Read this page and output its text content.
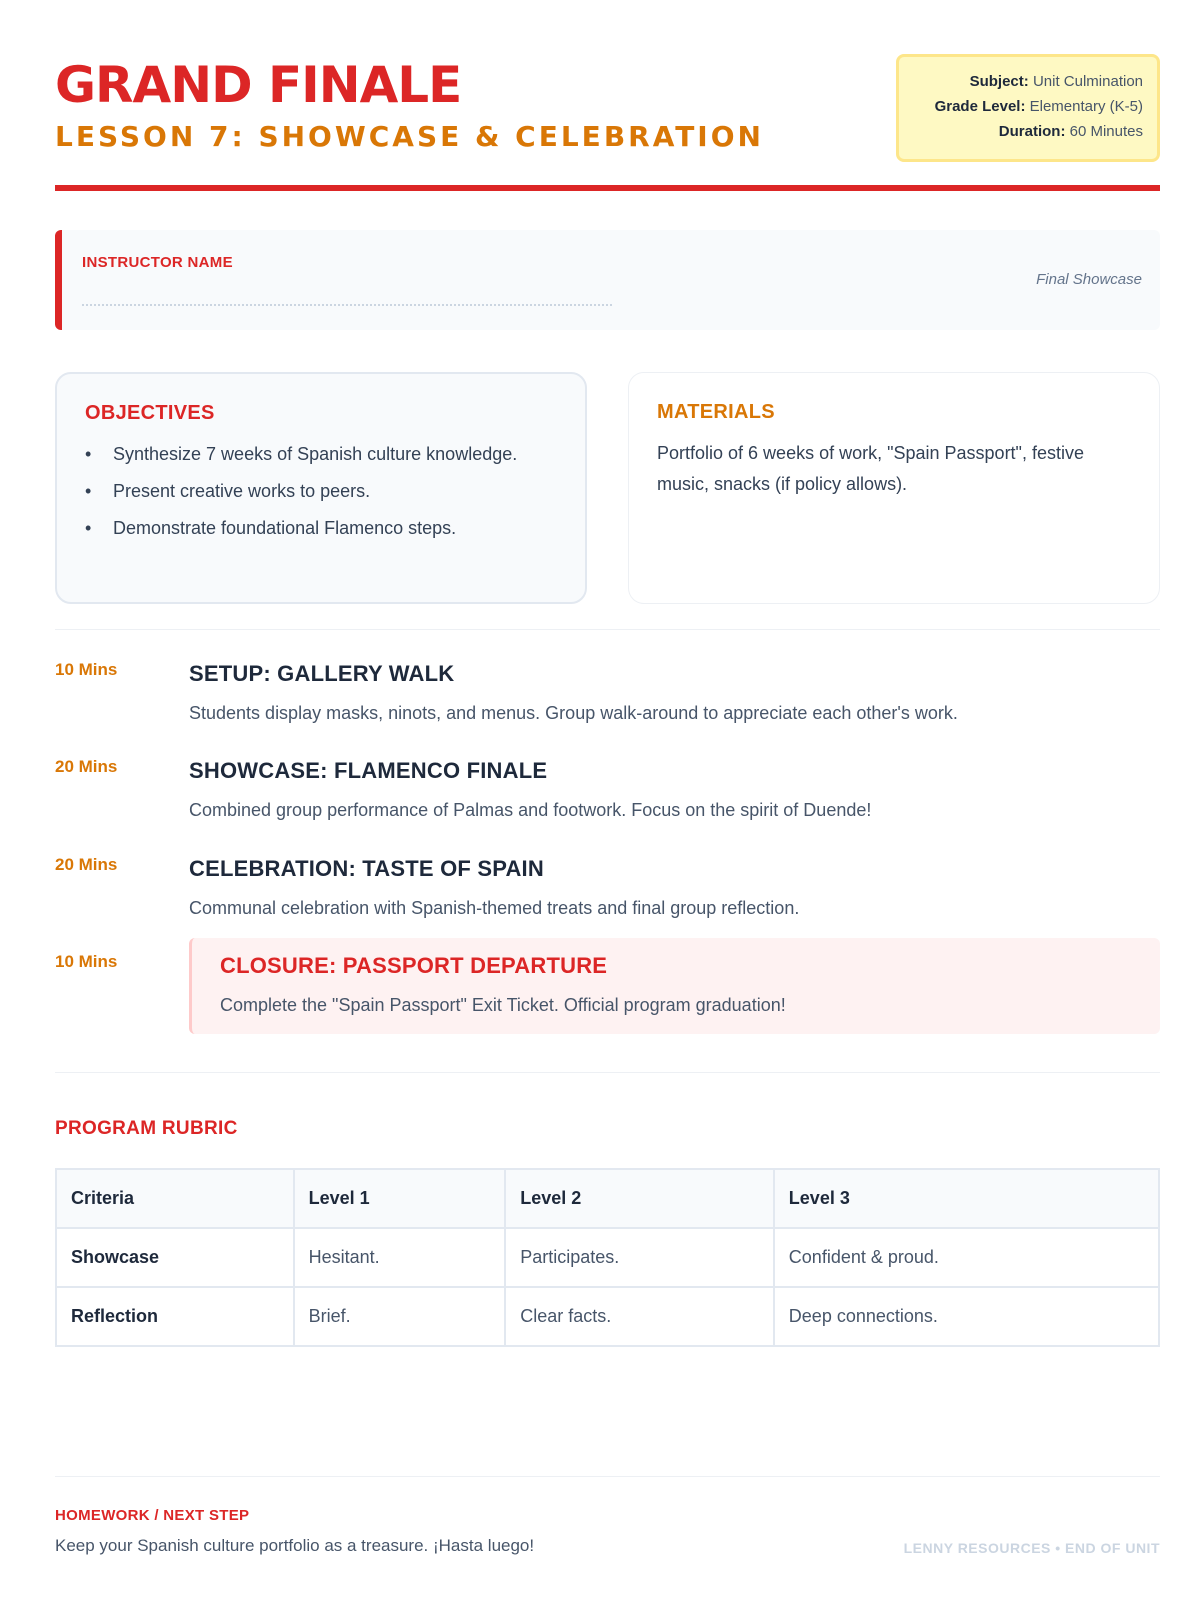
GRAND FINALE
LESSON 7: SHOWCASE & CELEBRATION
Subject: Unit Culmination
Grade Level: Elementary (K-5)
Duration: 60 Minutes
INSTRUCTOR NAME
Final Showcase
OBJECTIVES
• Synthesize 7 weeks of Spanish culture knowledge.
• Present creative works to peers.
• Demonstrate foundational Flamenco steps.
MATERIALS
Portfolio of 6 weeks of work, "Spain Passport", festive music, snacks (if policy allows).
10 Mins	SETUP: GALLERY WALK
Students display masks, ninots, and menus. Group walk-around to appreciate each other's work.
20 Mins	SHOWCASE: FLAMENCO FINALE
Combined group performance of Palmas and footwork. Focus on the spirit of Duende!
20 Mins	CELEBRATION: TASTE OF SPAIN
Communal celebration with Spanish-themed treats and final group reflection.
10 Mins	CLOSURE: PASSPORT DEPARTURE
Complete the "Spain Passport" Exit Ticket. Official program graduation!
PROGRAM RUBRIC
Criteria	Level 1	Level 2	Level 3
Showcase	Hesitant.	Participates.	Confident & proud.
Reflection	Brief.	Clear facts.	Deep connections.
HOMEWORK / NEXT STEP
Keep your Spanish culture portfolio as a treasure. ¡Hasta luego!	LENNY RESOURCES • END OF UNIT
